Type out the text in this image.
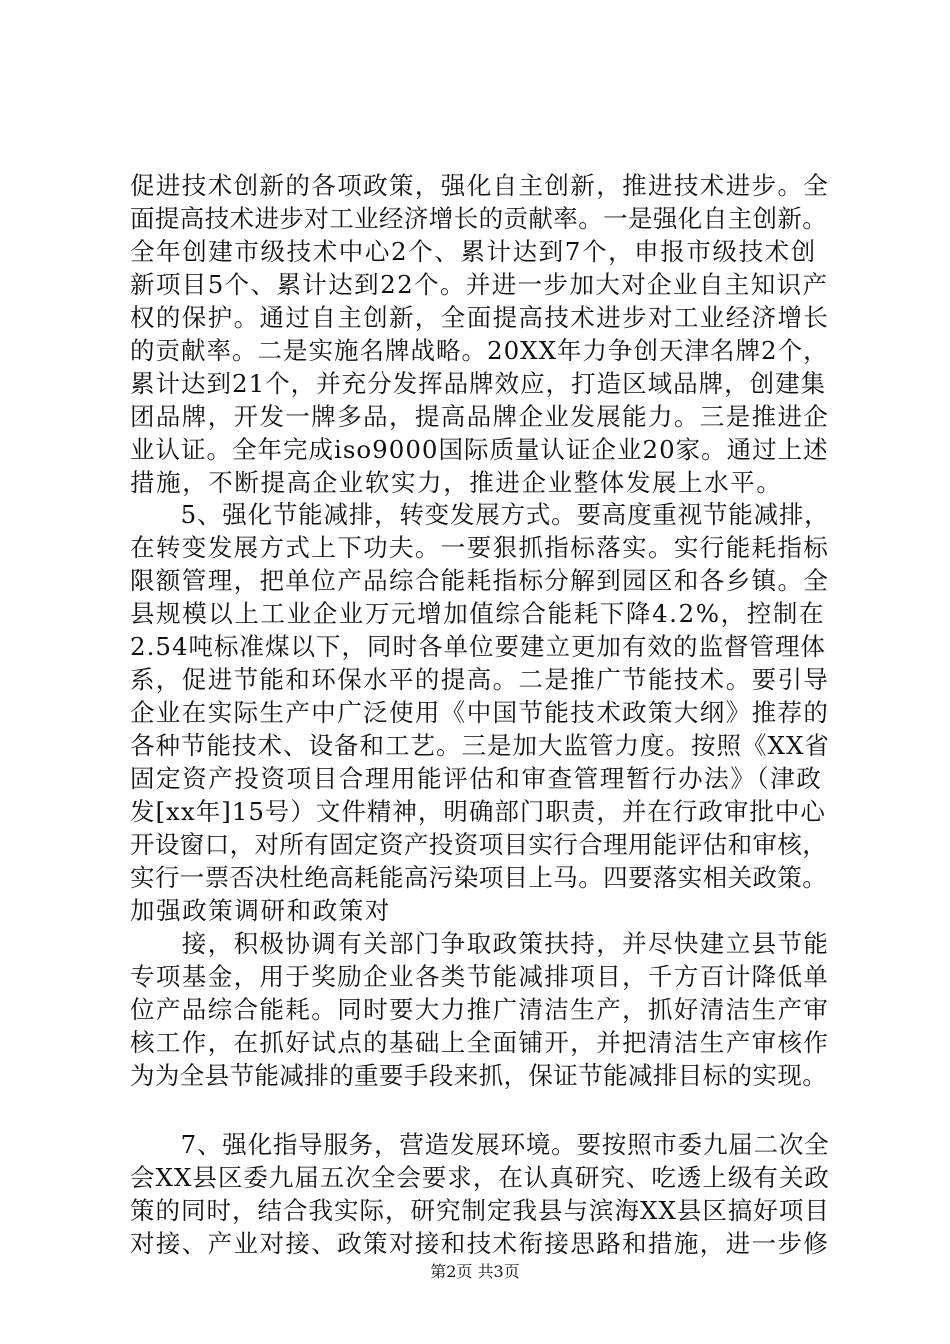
促进技术创新的各项政策，强化自主创新，推进技术进步。全
面提高技术进步对工业经济增长的贡献率。一是强化自主创新。
全年创建市级技术中心2个、累计达到7个，申报市级技术创
新项目5个、累计达到22个。并进一步加大对企业自主知识产
权的保护。通过自主创新，全面提高技术进步对工业经济增长
的贡献率。二是实施名牌战略。20XX年力争创天津名牌2个，
累计达到21个，并充分发挥品牌效应，打造区域品牌，创建集
团品牌，开发一牌多品，提高品牌企业发展能力。三是推进企
业认证。全年完成iso9000国际质量认证企业20家。通过上述
措施，不断提高企业软实力，推进企业整体发展上水平。
　　5、强化节能减排，转变发展方式。要高度重视节能减排，
在转变发展方式上下功夫。一要狠抓指标落实。实行能耗指标
限额管理，把单位产品综合能耗指标分解到园区和各乡镇。全
县规模以上工业企业万元增加值综合能耗下降4.2%，控制在
2.54吨标准煤以下，同时各单位要建立更加有效的监督管理体
系，促进节能和环保水平的提高。二是推广节能技术。要引导
企业在实际生产中广泛使用《中国节能技术政策大纲》推荐的
各种节能技术、设备和工艺。三是加大监管力度。按照《XX省
固定资产投资项目合理用能评估和审查管理暂行办法》（津政
发[xx年]15号）文件精神，明确部门职责，并在行政审批中心
开设窗口，对所有固定资产投资项目实行合理用能评估和审核，
实行一票否决杜绝高耗能高污染项目上马。四要落实相关政策。
加强政策调研和政策对
　　接，积极协调有关部门争取政策扶持，并尽快建立县节能
专项基金，用于奖励企业各类节能减排项目，千方百计降低单
位产品综合能耗。同时要大力推广清洁生产，抓好清洁生产审
核工作，在抓好试点的基础上全面铺开，并把清洁生产审核作
为为全县节能减排的重要手段来抓，保证节能减排目标的实现。
　　7、强化指导服务，营造发展环境。要按照市委九届二次全
会XX县区委九届五次全会要求，在认真研究、吃透上级有关政
策的同时，结合我实际，研究制定我县与滨海XX县区搞好项目
对接、产业对接、政策对接和技术衔接思路和措施，进一步修
第2页 共3页
